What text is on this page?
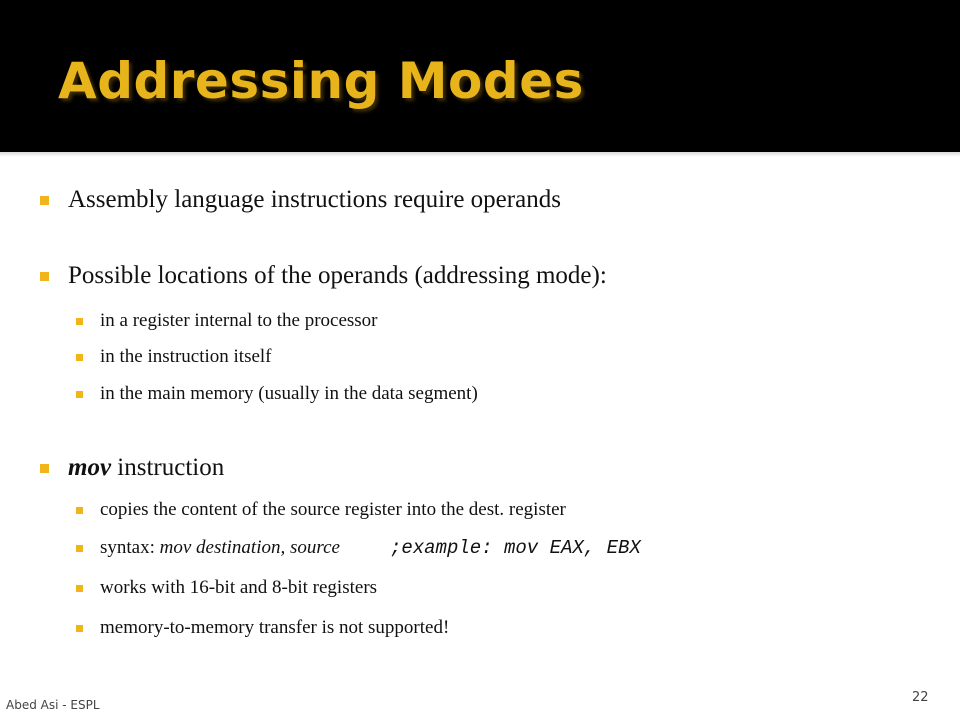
Addressing Modes
Assembly language instructions require operands
Possible locations of the operands (addressing mode):
in a register internal to the processor
in the instruction itself
in the main memory (usually in the data segment)
mov instruction
copies the content of the source register into the dest. register
syntax: mov destination, source	;example: mov EAX, EBX
works with 16-bit and 8-bit registers
memory-to-memory transfer is not supported!
Abed Asi - ESPL	22
